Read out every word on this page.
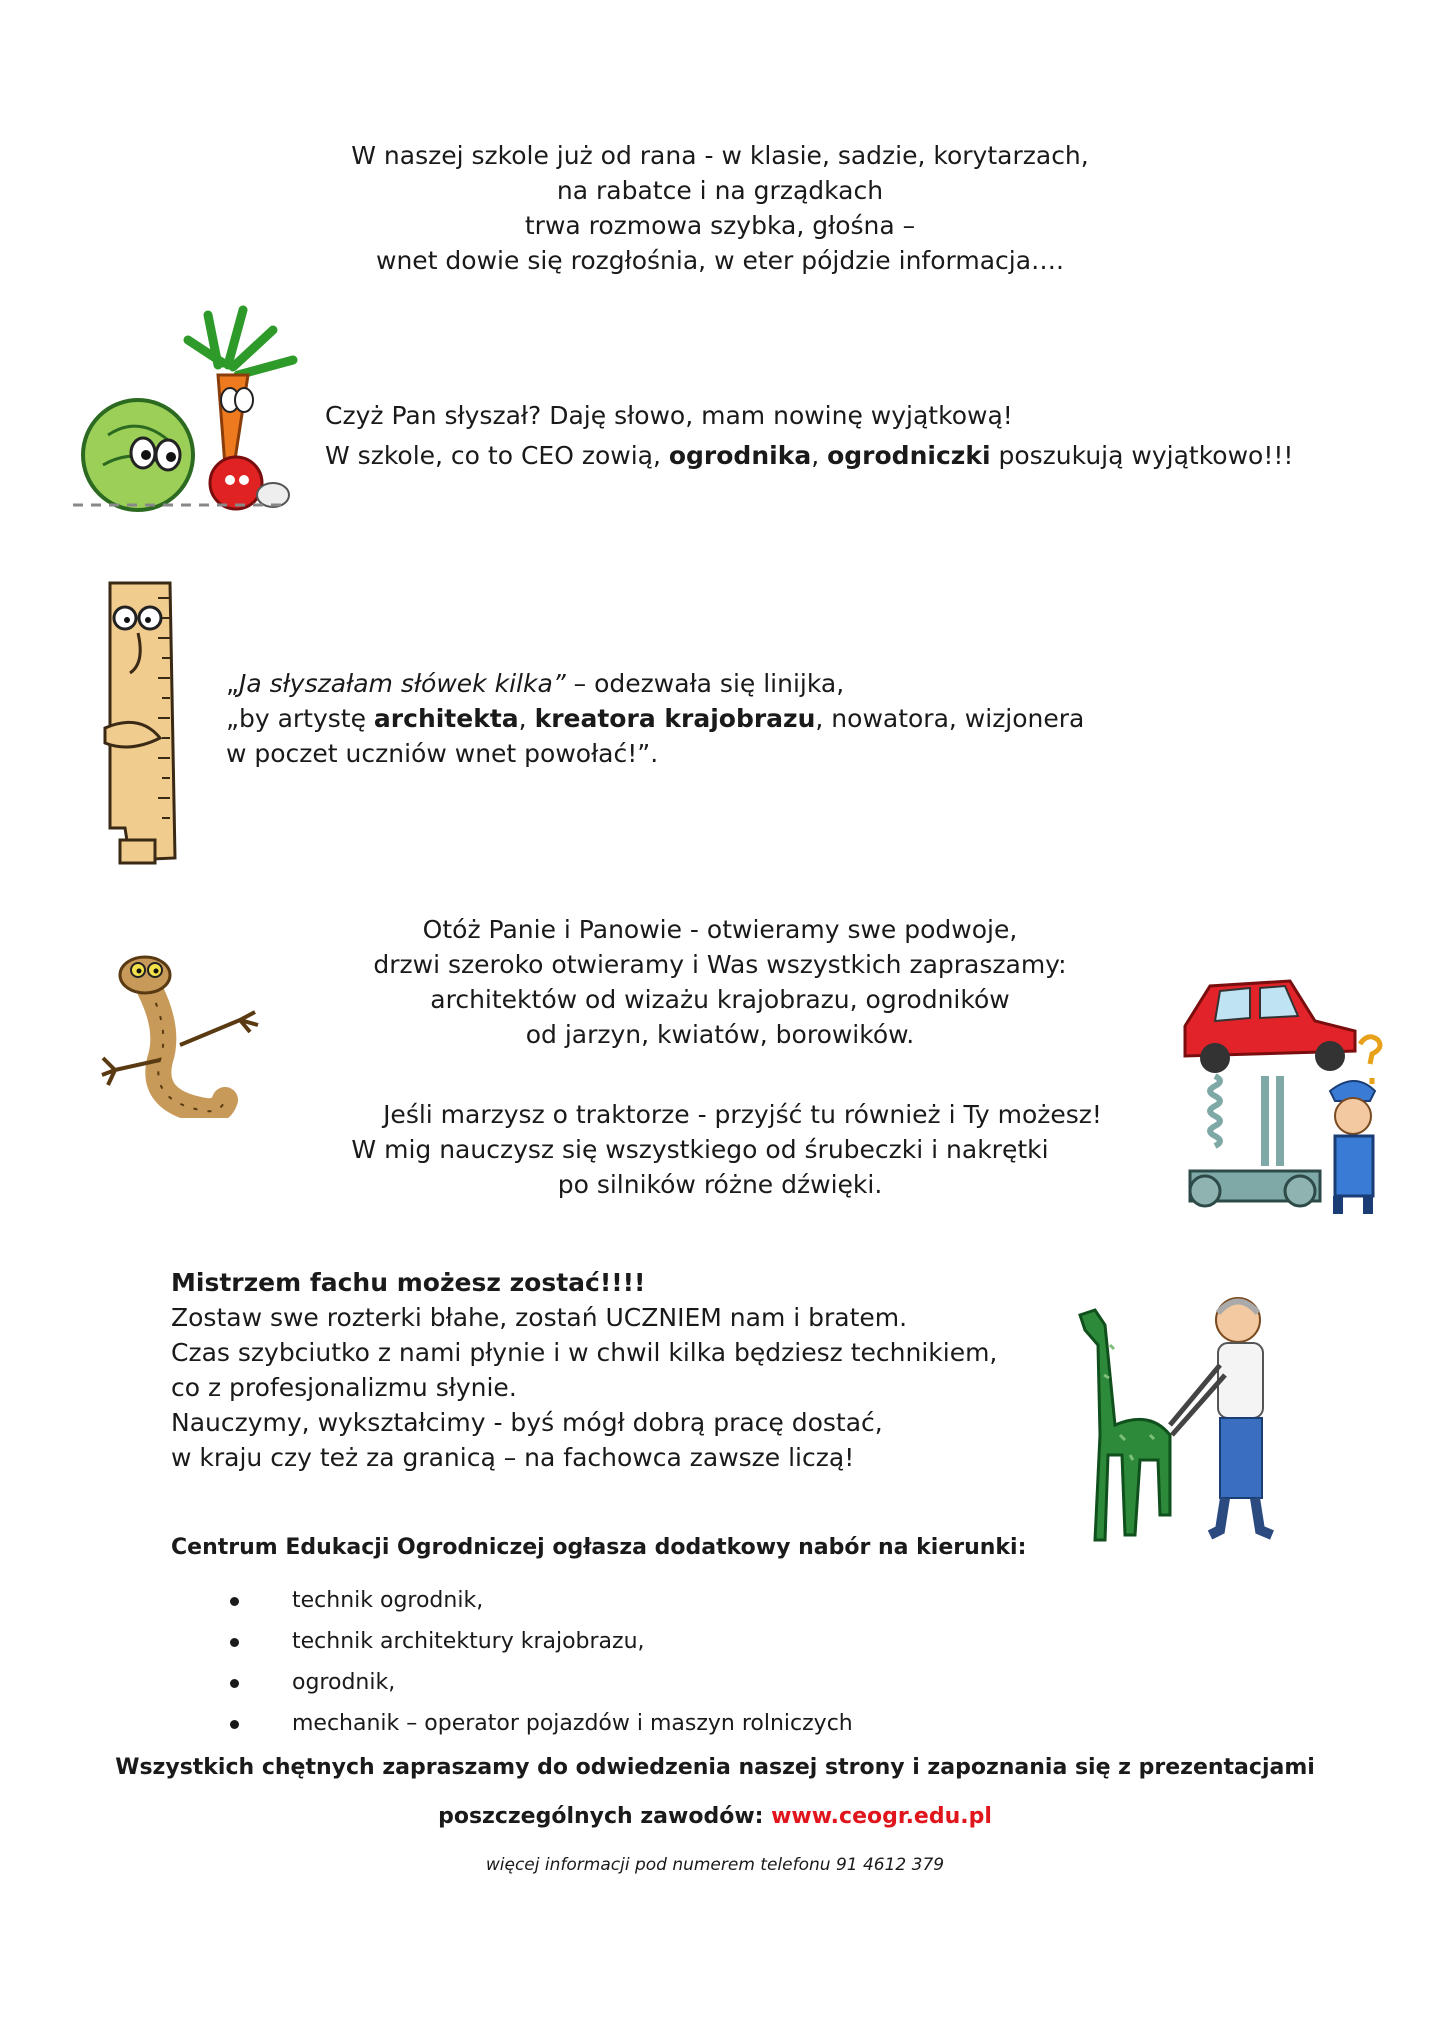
W naszej szkole już od rana - w klasie, sadzie, korytarzach,

na rabatce i na grządkach

trwa rozmowa szybka, głośna –

wnet dowie się rozgłośnia, w eter pójdzie informacja….

Czyż Pan słyszał? Daję słowo, mam nowinę wyjątkową!

W szkole, co to CEO zowią, ogrodnika, ogrodniczki poszukują wyjątkowo!!!

„Ja słyszałam słówek kilka” – odezwała się linijka,

„by artystę architekta, kreatora krajobrazu, nowatora, wizjonera

w poczet uczniów wnet powołać!”.

Otóż Panie i Panowie - otwieramy swe podwoje,

drzwi szeroko otwieramy i Was wszystkich zapraszamy:

architektów od wizażu krajobrazu, ogrodników

od jarzyn, kwiatów, borowików.

Jeśli marzysz o traktorze - przyjść tu również i Ty możesz!

W mig nauczysz się wszystkiego od śrubeczki i nakrętki

po silników różne dźwięki.

Mistrzem fachu możesz zostać!!!!

Zostaw swe rozterki błahe, zostań UCZNIEM nam i bratem.

Czas szybciutko z nami płynie i w chwil kilka będziesz technikiem,

co z profesjonalizmu słynie.

Nauczymy, wykształcimy - byś mógł dobrą pracę dostać,

w kraju czy też za granicą – na fachowca zawsze liczą!

Centrum Edukacji Ogrodniczej ogłasza dodatkowy nabór na kierunki:
technik ogrodnik,
technik architektury krajobrazu,
ogrodnik,
mechanik – operator pojazdów i maszyn rolniczych
Wszystkich chętnych zapraszamy do odwiedzenia naszej strony i zapoznania się z prezentacjami
poszczególnych zawodów: www.ceogr.edu.pl
więcej informacji pod numerem telefonu 91 4612 379
